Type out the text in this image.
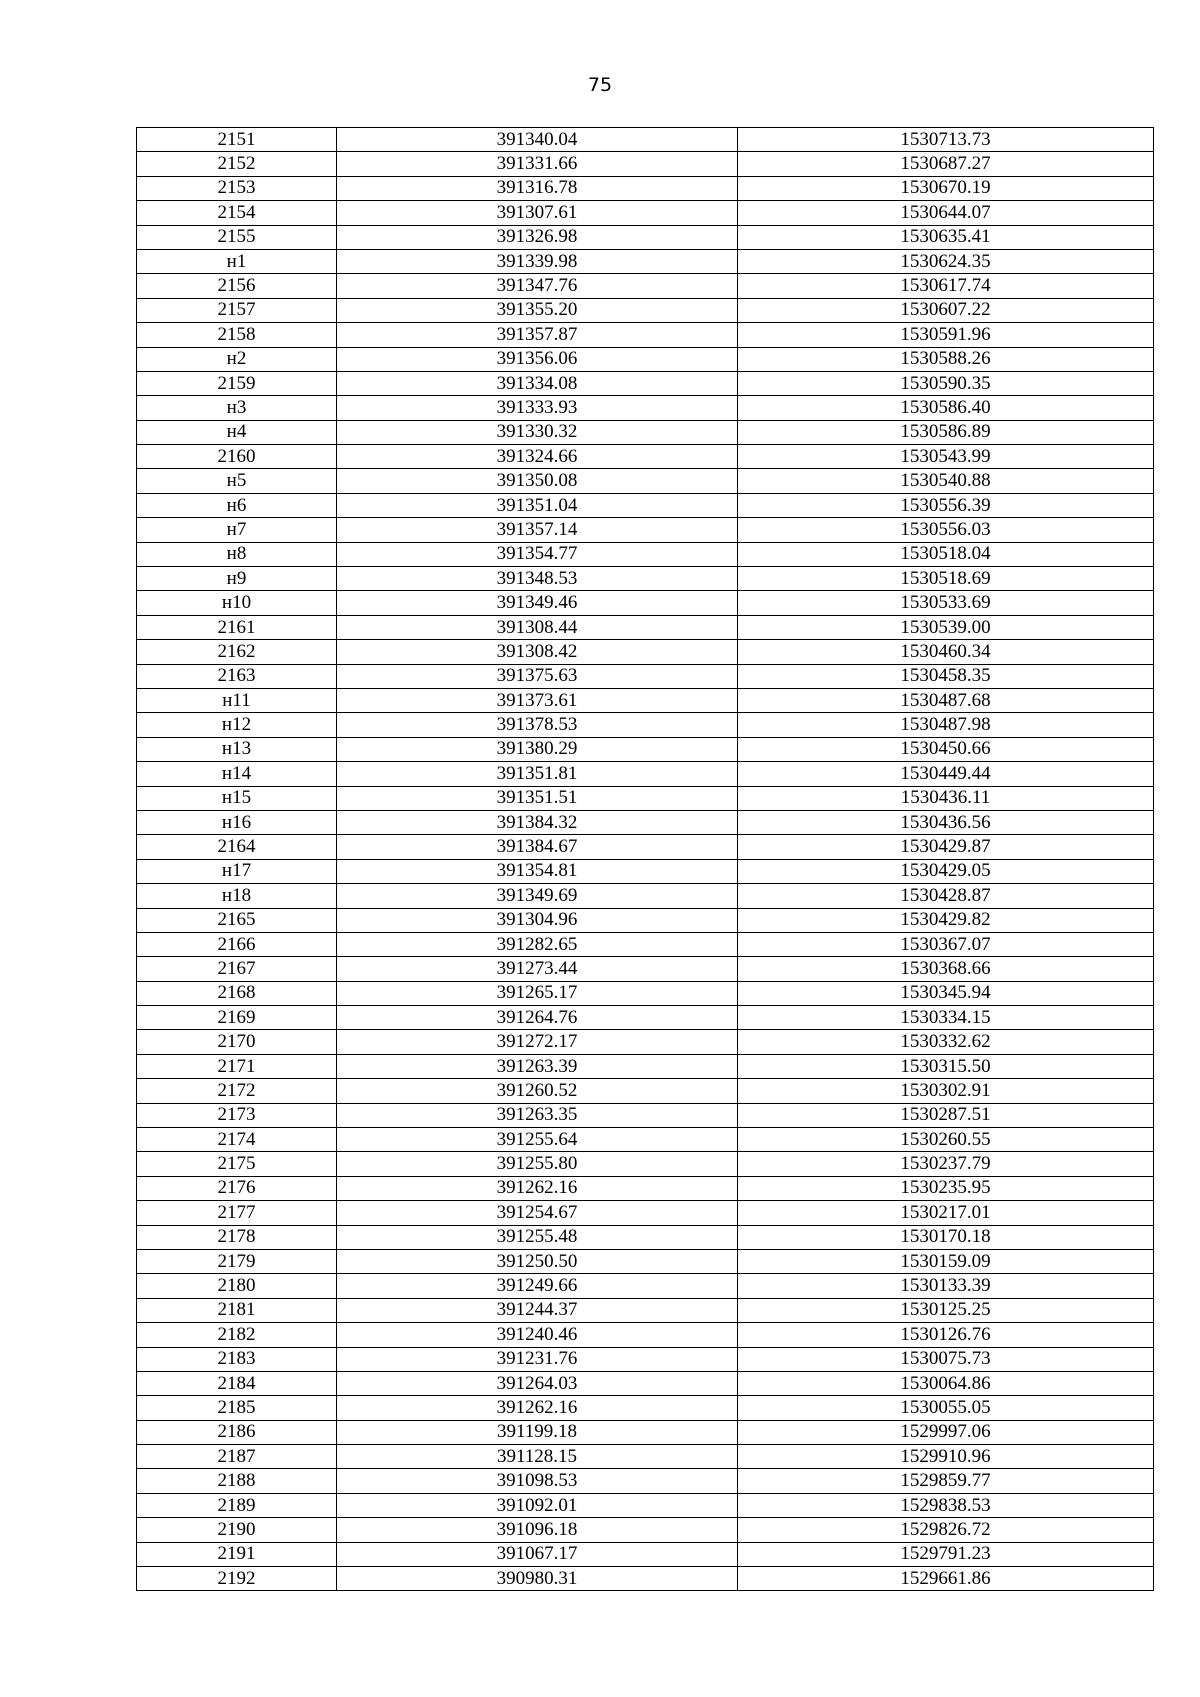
75
2151	391340.04	1530713.73
2152	391331.66	1530687.27
2153	391316.78	1530670.19
2154	391307.61	1530644.07
2155	391326.98	1530635.41
н1	391339.98	1530624.35
2156	391347.76	1530617.74
2157	391355.20	1530607.22
2158	391357.87	1530591.96
н2	391356.06	1530588.26
2159	391334.08	1530590.35
н3	391333.93	1530586.40
н4	391330.32	1530586.89
2160	391324.66	1530543.99
н5	391350.08	1530540.88
н6	391351.04	1530556.39
н7	391357.14	1530556.03
н8	391354.77	1530518.04
н9	391348.53	1530518.69
н10	391349.46	1530533.69
2161	391308.44	1530539.00
2162	391308.42	1530460.34
2163	391375.63	1530458.35
н11	391373.61	1530487.68
н12	391378.53	1530487.98
н13	391380.29	1530450.66
н14	391351.81	1530449.44
н15	391351.51	1530436.11
н16	391384.32	1530436.56
2164	391384.67	1530429.87
н17	391354.81	1530429.05
н18	391349.69	1530428.87
2165	391304.96	1530429.82
2166	391282.65	1530367.07
2167	391273.44	1530368.66
2168	391265.17	1530345.94
2169	391264.76	1530334.15
2170	391272.17	1530332.62
2171	391263.39	1530315.50
2172	391260.52	1530302.91
2173	391263.35	1530287.51
2174	391255.64	1530260.55
2175	391255.80	1530237.79
2176	391262.16	1530235.95
2177	391254.67	1530217.01
2178	391255.48	1530170.18
2179	391250.50	1530159.09
2180	391249.66	1530133.39
2181	391244.37	1530125.25
2182	391240.46	1530126.76
2183	391231.76	1530075.73
2184	391264.03	1530064.86
2185	391262.16	1530055.05
2186	391199.18	1529997.06
2187	391128.15	1529910.96
2188	391098.53	1529859.77
2189	391092.01	1529838.53
2190	391096.18	1529826.72
2191	391067.17	1529791.23
2192	390980.31	1529661.86
